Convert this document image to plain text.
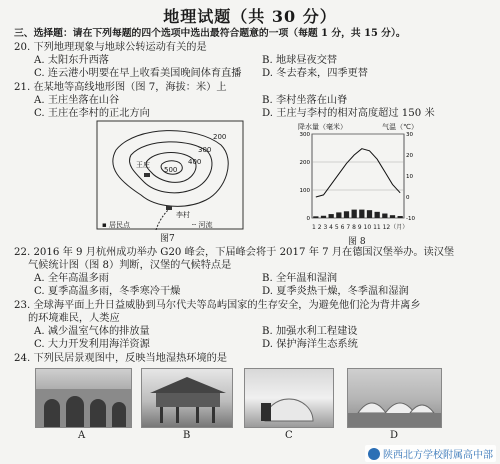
地理试题（共 30 分）
三、选择题：请在下列每题的四个选项中选出最符合题意的一项（每题 1 分，共 15 分）。
20. 下列地理现象与地球公转运动有关的是
A. 太阳东升西落	B. 地球昼夜交替
C. 连云港小明要在早上收看美国晚间体育直播 D. 冬去春来，四季更替
21. 在某地等高线地形图（图 7，海拔：米）上
A. 王庄坐落在山谷	B. 李村坐落在山脊
C. 王庄在李村的正北方向	D. 王庄与李村的相对高度超过 150 米
王庄
李村
200
300
400
500
▪ 居民点	┄ 河流
图7
300
200
100
0
30
20
10
0
-10
降水量（毫米）	气温（℃）
1 2 3 4 5 6 7 8 9 10 11 12（月）
图 8
22. 2016 年 9 月杭州成功举办 G20 峰会，下届峰会将于 2017 年 7 月在德国汉堡举办。读汉堡
气候统计图（图 8）判断，汉堡的气候特点是
A. 全年高温多雨	B. 全年温和湿润
C. 夏季高温多雨，冬季寒冷干燥	D. 夏季炎热干燥，冬季温和湿润
23. 全球海平面上升日益威胁到马尔代夫等岛屿国家的生存安全，为避免他们沦为背井离乡
的环境难民，人类应
A. 减少温室气体的排放量	B. 加强水利工程建设
C. 大力开发利用海洋资源	D. 保护海洋生态系统
24. 下列民居景观图中，反映当地湿热环境的是
A	B	C	D
陕西北方学校附属高中部
